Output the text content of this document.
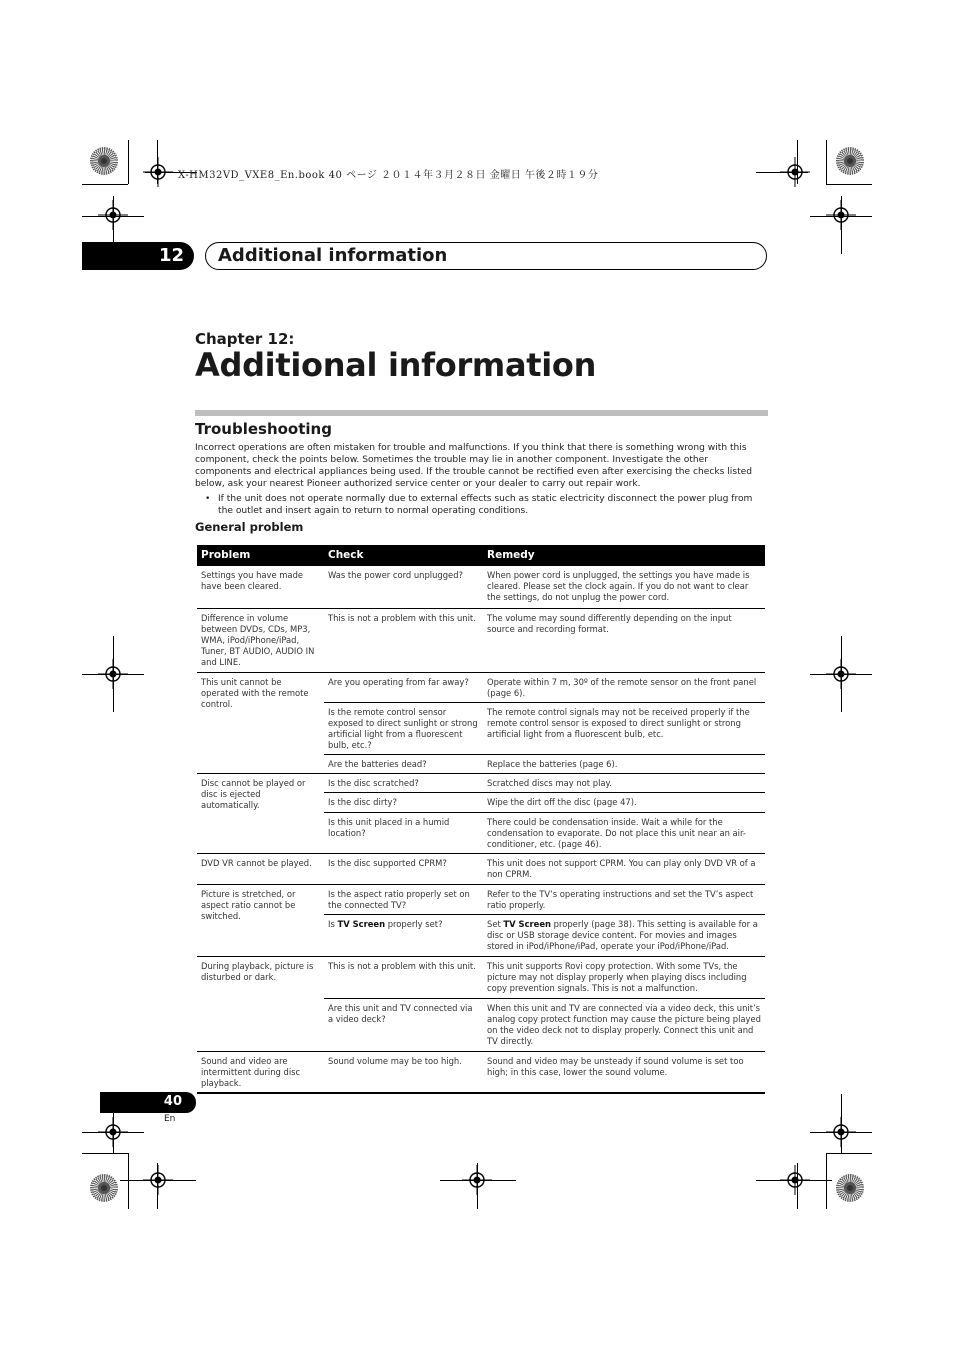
X-HM32VD_VXE8_En.book 40 ページ ２０１４年３月２８日 金曜日 午後２時１９分
12	Additional information
Chapter 12:
Additional information
Troubleshooting
Incorrect operations are often mistaken for trouble and malfunctions. If you think that there is something wrong with this component, check the points below. Sometimes the trouble may lie in another component. Investigate the other components and electrical appliances being used. If the trouble cannot be rectified even after exercising the checks listed below, ask your nearest Pioneer authorized service center or your dealer to carry out repair work.
• If the unit does not operate normally due to external effects such as static electricity disconnect the power plug from the outlet and insert again to return to normal operating conditions.
General problem
Problem	Check	Remedy
Settings you have made have been cleared.	Was the power cord unplugged?	When power cord is unplugged, the settings you have made is cleared. Please set the clock again. If you do not want to clear the settings, do not unplug the power cord.
Difference in volume between DVDs, CDs, MP3, WMA, iPod/iPhone/iPad, Tuner, BT AUDIO, AUDIO IN and LINE.	This is not a problem with this unit.	The volume may sound differently depending on the input source and recording format.
This unit cannot be operated with the remote control.	Are you operating from far away?	Operate within 7 m, 30º of the remote sensor on the front panel (page 6).
	Is the remote control sensor exposed to direct sunlight or strong artificial light from a fluorescent bulb, etc.?	The remote control signals may not be received properly if the remote control sensor is exposed to direct sunlight or strong artificial light from a fluorescent bulb, etc.
	Are the batteries dead?	Replace the batteries (page 6).
Disc cannot be played or disc is ejected automatically.	Is the disc scratched?	Scratched discs may not play.
	Is the disc dirty?	Wipe the dirt off the disc (page 47).
	Is this unit placed in a humid location?	There could be condensation inside. Wait a while for the condensation to evaporate. Do not place this unit near an air-conditioner, etc. (page 46).
DVD VR cannot be played.	Is the disc supported CPRM?	This unit does not support CPRM. You can play only DVD VR of a non CPRM.
Picture is stretched, or aspect ratio cannot be switched.	Is the aspect ratio properly set on the connected TV?	Refer to the TV’s operating instructions and set the TV’s aspect ratio properly.
	Is TV Screen properly set?	Set TV Screen properly (page 38). This setting is available for a disc or USB storage device content. For movies and images stored in iPod/iPhone/iPad, operate your iPod/iPhone/iPad.
During playback, picture is disturbed or dark.	This is not a problem with this unit.	This unit supports Rovi copy protection. With some TVs, the picture may not display properly when playing discs including copy prevention signals. This is not a malfunction.
	Are this unit and TV connected via a video deck?	When this unit and TV are connected via a video deck, this unit’s analog copy protect function may cause the picture being played on the video deck not to display properly. Connect this unit and TV directly.
Sound and video are intermittent during disc playback.	Sound volume may be too high.	Sound and video may be unsteady if sound volume is set too high; in this case, lower the sound volume.
40
En
